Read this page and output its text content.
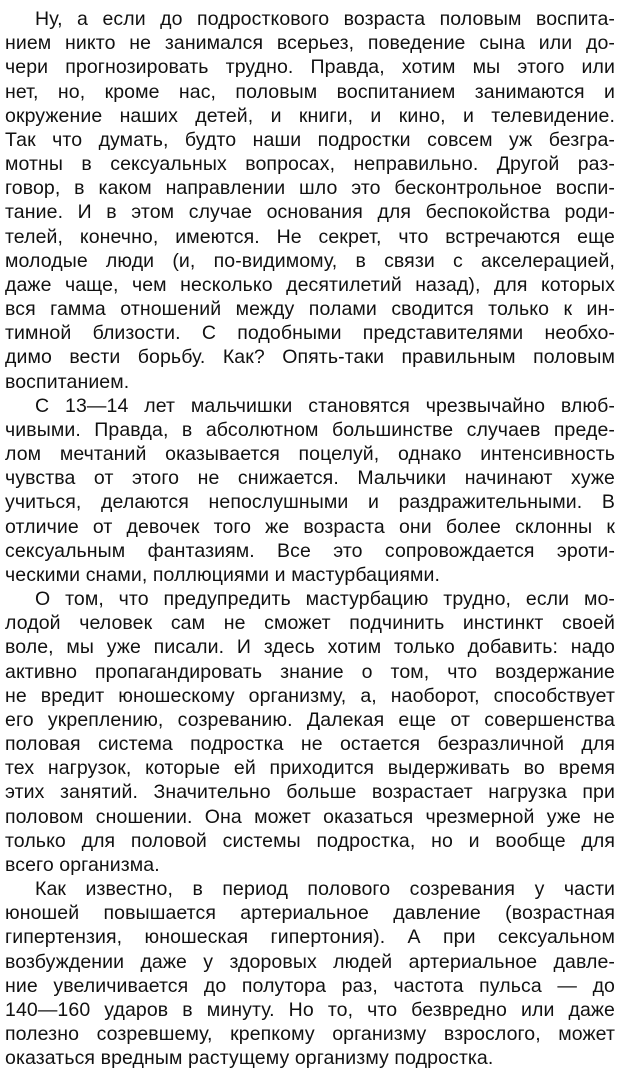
Ну, а если до подросткового возраста половым воспита-
нием никто не занимался всерьез, поведение сына или до-
чери прогнозировать трудно. Правда, хотим мы этого или
нет, но, кроме нас, половым воспитанием занимаются и
окружение наших детей, и книги, и кино, и телевидение.
Так что думать, будто наши подростки совсем уж безгра-
мотны в сексуальных вопросах, неправильно. Другой раз-
говор, в каком направлении шло это бесконтрольное воспи-
тание. И в этом случае основания для беспокойства роди-
телей, конечно, имеются. Не секрет, что встречаются еще
молодые люди (и, по-видимому, в связи с акселерацией,
даже чаще, чем несколько десятилетий назад), для которых
вся гамма отношений между полами сводится только к ин-
тимной близости. С подобными представителями необхо-
димо вести борьбу. Как? Опять-таки правильным половым
воспитанием.
С 13—14 лет мальчишки становятся чрезвычайно влюб-
чивыми. Правда, в абсолютном большинстве случаев преде-
лом мечтаний оказывается поцелуй, однако интенсивность
чувства от этого не снижается. Мальчики начинают хуже
учиться, делаются непослушными и раздражительными. В
отличие от девочек того же возраста они более склонны к
сексуальным фантазиям. Все это сопровождается эроти-
ческими снами, поллюциями и мастурбациями.
О том, что предупредить мастурбацию трудно, если мо-
лодой человек сам не сможет подчинить инстинкт своей
воле, мы уже писали. И здесь хотим только добавить: надо
активно пропагандировать знание о том, что воздержание
не вредит юношескому организму, а, наоборот, способствует
его укреплению, созреванию. Далекая еще от совершенства
половая система подростка не остается безразличной для
тех нагрузок, которые ей приходится выдерживать во время
этих занятий. Значительно больше возрастает нагрузка при
половом сношении. Она может оказаться чрезмерной уже не
только для половой системы подростка, но и вообще для
всего организма.
Как известно, в период полового созревания у части
юношей повышается артериальное давление (возрастная
гипертензия, юношеская гипертония). А при сексуальном
возбуждении даже у здоровых людей артериальное давле-
ние увеличивается до полутора раз, частота пульса — до
140—160 ударов в минуту. Но то, что безвредно или даже
полезно созревшему, крепкому организму взрослого, может
оказаться вредным растущему организму подростка.
